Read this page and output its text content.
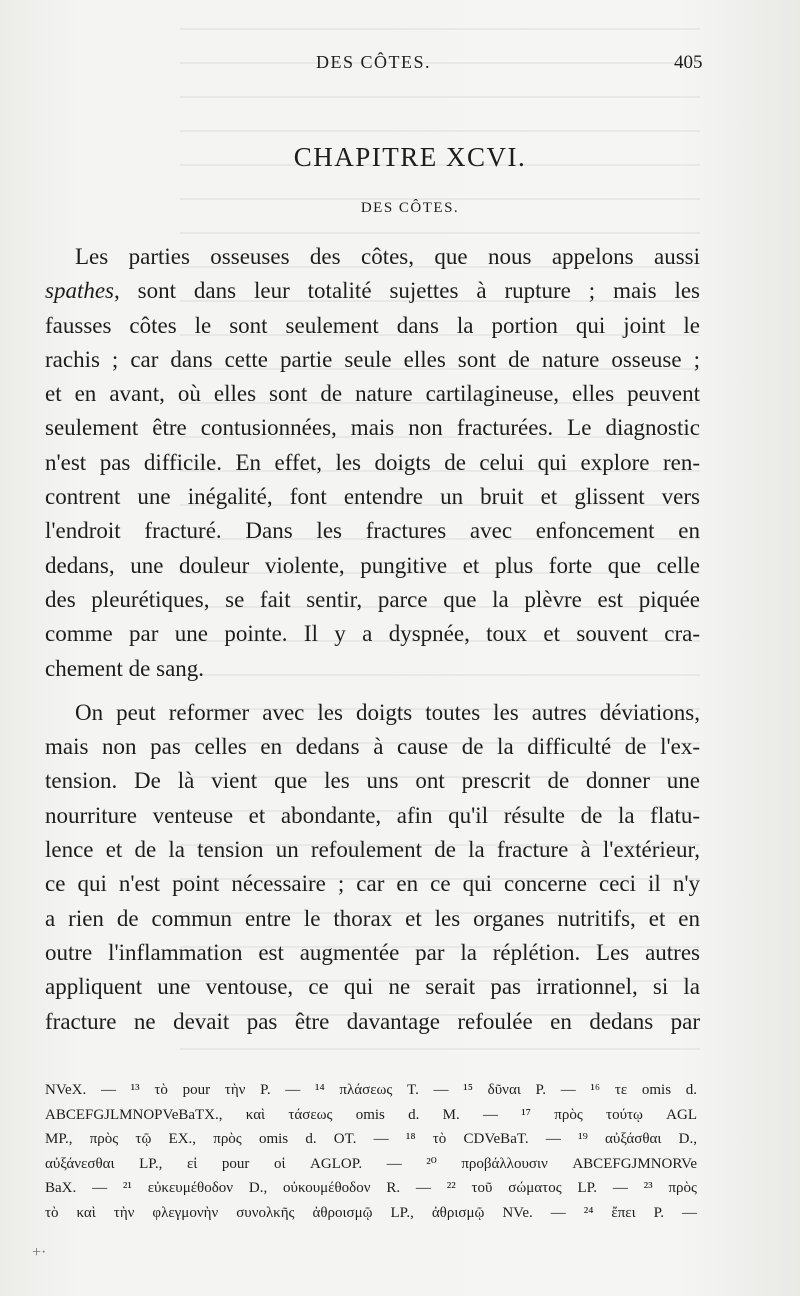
DES CÔTES.	405
CHAPITRE XCVI.
DES CÔTES.
Les parties osseuses des côtes, que nous appelons aussi
spathes, sont dans leur totalité sujettes à rupture ; mais les
fausses côtes le sont seulement dans la portion qui joint le
rachis ; car dans cette partie seule elles sont de nature osseuse ;
et en avant, où elles sont de nature cartilagineuse, elles peuvent
seulement être contusionnées, mais non fracturées. Le diagnostic
n'est pas difficile. En effet, les doigts de celui qui explore ren-
contrent une inégalité, font entendre un bruit et glissent vers
l'endroit fracturé. Dans les fractures avec enfoncement en
dedans, une douleur violente, pungitive et plus forte que celle
des pleurétiques, se fait sentir, parce que la plèvre est piquée
comme par une pointe. Il y a dyspnée, toux et souvent cra-
chement de sang.
On peut reformer avec les doigts toutes les autres déviations,
mais non pas celles en dedans à cause de la difficulté de l'ex-
tension. De là vient que les uns ont prescrit de donner une
nourriture venteuse et abondante, afin qu'il résulte de la flatu-
lence et de la tension un refoulement de la fracture à l'extérieur,
ce qui n'est point nécessaire ; car en ce qui concerne ceci il n'y
a rien de commun entre le thorax et les organes nutritifs, et en
outre l'inflammation est augmentée par la réplétion. Les autres
appliquent une ventouse, ce qui ne serait pas irrationnel, si la
fracture ne devait pas être davantage refoulée en dedans par
NVeX. — ¹³ τὸ pour τὴν P. — ¹⁴ πλάσεως T. — ¹⁵ δῦναι P. — ¹⁶ τε omis d.
ABCEFGJLMNOPVeBaTX., καὶ τάσεως omis d. M. — ¹⁷ πρὸς τούτῳ AGL
MP., πρὸς τῷ EX., πρὸς omis d. OT. — ¹⁸ τὸ CDVeBaT. — ¹⁹ αὐξάσθαι D.,
αὐξάνεσθαι LP., εἰ pour οἱ AGLOP. — ²⁰ προβάλλουσιν ABCEFGJMNORVe
BaX. — ²¹ εὐκευμέθοδον D., οὐκουμέθοδον R. — ²² τοῦ σώματος LP. — ²³ πρὸς
τὸ καὶ τὴν φλεγμονὴν συνολκῆς ἀθροισμῷ LP., ἀθρισμῷ NVe. — ²⁴ ἔπει P. —
+·
